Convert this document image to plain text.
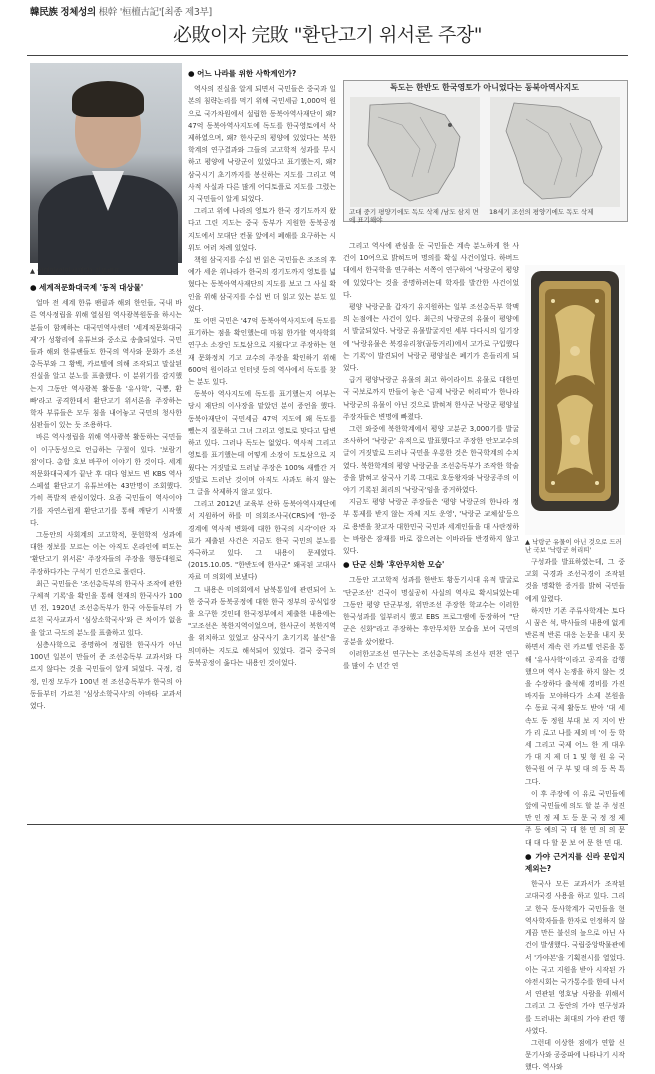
韓民族 정체성의 根幹 '桓檀古記'[최종 제3부]
必敗이자 完敗 "환단고기 위서론 주장"
▲ 이태일(천안시재단) 김은대표

● 세계적문화대국제 '동적 대상물'

얼마 전 세계 한류 팬클과 해외 한인들, 국내 바른 역사정립을 위해 열심원 역사광복원동을 하시는 분들이 함께하는 대국민역사센터 '세계적문화대국제'가 성황리에 유튜브와 중소로 송출되었다. 국민들과 해외 한류팬들도 한국의 역사와 문화가 조선총독부와 그 황백, 카르텔에 의해 조작되고 말살된 진실을 알고 분노를 표출했다. 이 분위기를 감지했는지 그동안 역사광복 활동을 '유사학', 국뽕, 환빠'라고 공격한데서 환단고기 위서론을 주장하는 학자 부류들은 모두 침을 내어놓고 국민의 청사한 심판들이 있는 듯 조용하다.

바른 역사정립을 위해 역사광복 활동하는 국민들이 이구동성으로 언급하는 구절이 있다. '보람기점'이다. 총합 호보 바꾸어 이야기 한 것이다. 세계적문화대국제가 끝난 후 대다 엄보드 변 KBS 역사스페셜 환단고기 유튜브에는 43만명이 조회했다. 가히 폭발적 관심이었다. 요즘 국민들이 역사이야기를 자연스럽게 환단고기를 통해 깨닫기 시작했다.

그동안의 사회계의 고고학적, 문헌학적 성과에 대한 정보를 모르는 이는 아직도 온라인에 떠도는 '환단고기 위서론' 주장자들의 주장을 행동대원로 주장하다가는 구석기 인간으로 몰린다.

최근 국민들은 '조선총독부의 한국사 조작에 관한 구체적 기록'을 확인을 통해 현재의 한국사가 100년 전, 1920년 조선총독부가 한국 아동들부터 가르친 국사교과서 '심상소학국사'와 큰 차이가 없음을 알고 극도의 분노를 표출하고 있다.

심층사학으로 증명하여 정립한 한국사가 아닌 100년 일본이 만들어 준 조선총독부 교과서와 다르지 않다는 것을 국민들이 알게 되었다. 국정, 검정, 인정 모두가 100년 전 조선총독부가 한국의 아동들부터 가르친 '심상소학국사'의 아바타 교과서였다.

● 어느 나라를 위한 사학계인가?

역사의 진실을 알게 되면서 국민들은 중국과 일본의 침략논리를 먹기 위해 국민세금 1,000억 원으로 국가차원에서 설립한 동북아역사재단이 왜? 47억 동북아역사지도에 독도를 한국영토에서 삭제하였으며, 왜? 한사군의 평양에 있었다는 북한학계의 연구결과와 그들의 고고학적 성과를 무시하고 평양에 낙랑군이 있었다고 표기했는지, 왜? 삼국시기 초기까지를 봉신하는 지도를 그리고 역사적 사실과 다른 많게 어디토플로 지도를 그렸는지 국민들이 알게 되었다.

그리고 위에 나라의 영토가 한국 경기도까지 왔다고 그린 지도는 중국 동부가 지원한 동북공정 지도에서 모대단 컨물 앞에서 폐해를 요구하는 시위도 여러 차례 있었다.

책원 삼국지를 수십 번 읽은 국민들은 조조의 후예가 세운 위나라가 한국의 경기도까지 영토를 넓혔다는 동북아역사재단의 지도를 보고 그 사실 확인을 위해 삼국지를 수십 번 더 읽고 있는 분도 있었다.

또 어떤 국민은 '47억 동북아역사지도에 독도를 표기하는 점을 확인했는데 마침 한가할 역사학회연구소 소장인 도토삼으로 지웠다'고 주장하는 현재 문화정치 기고 교수의 주장을 확인하기 위해 600억 원이라고 인터넷 등의 역사에서 독도를 찾는 분도 있다.

동북아 역사지도에 독도를 표기했는지 여부는 당시 재단의 이사장을 맡았던 분이 증언을 했다. 동북아재단이 국민세금 47억 지도에 왜 독도를 뺐는지 질문하고 그녀 그리고 영토로 맞다고 답변하고 있다. 그러나 독도는 없었다. 역사적 그리고 영토를 표기했는데 어떻게 소장이 도토삼으로 지웠다는 거짓말로 드러날 주장은 100% 새빨간 거짓말로 드러난 것이며 아직도 사과도 하지 않는 그 글을 삭제하지 않고 있다.

그리고 2012년 교육부 산하 동북아역사재단에서 지원하여 하를 미 의회조사국(CRS)에 '한-중 경계에 역사적 변화에 대한 한국의 시각'이란 자료가 제출된 사건은 지금도 한국 국민의 분노를 자극하고 있다. 그 내용이 문제였다. (2015.10.05. "한반도에 한사군" 왜곡된 고대사 자료 미 의회에 보냈다)

그 내용은 미의회에서 남북통일에 관련되어 노한 중국과 동북공정에 대한 한국 정부의 공식입장을 요구한 것인데 한국정부에서 제출한 내용에는 "고조선은 북한지역이었으며, 한사군이 북한지역을 위치하고 있었고 삼국사기 초기기록 불신"을 의미하는 지도로 해석되어 있었다. 결국 중국의 동북공정이 옳다는 내용인 것이었다.

독도는 한반도 한국영토가 아니었다는 동북아역사지도
고대 중기 평양기에도 독도 삭제 /남도 삼지 면에 표기해야
18세기 조선의 평양기에도 독도 삭제

그리고 역사에 관심을 둔 국민들은 계속 분노하게 한 사건이 10여으로 밝혀드며 명의를 확실 사건이었다. 하버드대에서 한국학을 연구하는 서쪽이 연구하여 '낙랑군이 평양에 있었다'는 것을 증명하려는데 학자를 발간한 사건이었다.

평양 낙랑군을 갑자기 유지원하는 일부 조선총독부 학맥의 논점에는 사건이 있다. 최근의 낙랑군의 유물이 평양에서 발굴되었다. 낙랑군 유물발굴지인 세부 다다시의 일기장에 '낙랑유물은 북경유리창(골동거리)에서 고가로 구입했다는 기록'이 발견되어 낙랑군 평양설은 폐기가 흔들리게 되었다.

급거 평양낙랑군 유물의 최고 하이라이트 유물로 대한민국 국보로까지 만들어 놓은 '금제 낙랑군 허리띠'가 한나라 낙랑군의 유물이 아닌 것으로 밝혀져 한사군 낙랑군 평양설 주장자들은 변명에 빠졌다.

그런 와중에 북한학계에서 평양 고분군 3,000기를 발굴 조사하여 '낙랑군' 유적으로 발표했다고 주장한 안모교수의 글이 거짓말로 드러나 국민을 우롱한 것은 한국학계의 수치였다. 북한학계의 평양 낙랑군을 조선총독부가 조작한 학술증을 밝혀고 삼국사 기록 그대로 호동왕자와 낙랑공주의 이야기 기록된 최리의 '낙랑국'임을 증거하였다.

지금도 평양 낙랑군 주장들은 '평양 낙랑군의 한나라 정부 통제를 받지 않는 자체 지도 운영', '낙랑군 교체설'등으로 용변을 찾고자 대한민국 국민과 세계인들을 대 사란정하는 바람은 잠재를 바로 잡으려는 이바라들 반경하지 않고 있다.

● 단군 신화 '후안무치한 모습'

그동안 고고학적 성과를 한반도 황동기시대 유적 발굴로 '단군조선' 건국이 명실공히 사실의 역사로 확시되었는데 그동안 평양 단군부정, 위만조선 주장한 학교수는 이러한 한국성과를 일부러시 했고 EBS 프로그램에 동장하여 "단군은 신화"라고 주장하는 후안무치한 모습을 보여 국민의 공분을 샀어왔다.

이러한고조선 연구는는 조선총독부의 조선사 편찬 연구를 많이 수 년간 연

▲ 낙랑군 유물이 아닌 것으로 드러난 국보 '낙랑군 허리띠'

구성과를 발표하였는데, 그 중 고회 국경과 조선국경이 조작된 것을 명확한 증거를 밝혀 국민들에게 알렸다.

하지만 기존 주류사학계는 토다시 꿈은 석, 박사들의 내용에 없게 반론적 반론 대응 논문을 내지 못하면서 계속 런 카르텔 언론을 통해 '유사사학'이라고 공격을 감행했으며 역사 논쟁을 하지 않는 것을 수장하다 출석해 경비를 가진 바지들 모야하다가 소제 본원을 수 동료 국제 활동도 받아 '대 세 속도 동 정원 부대 보 지 지이 반 가 리 로고 나를 제외 비 '이 등 학 세 그리고 국제 어느 한 게 대우 가 대 지 제 더 1 및 형 원 유 국 한국원 여 구 부 및 대 의 등 목 특 그다.

이 후 주장에 이 유로 국민들에 앞에 국민들에 의도 할 분 주 성진 만 인 정 제 도 등 문 국 정 정 제 주 등 예의 국 대 한 민 의 의 문 대 대 다 할 문 보 여 문 한 민 대.

● 가야 근거지를 신라 문입지 제외는?

한국사 모든 교과서가 조작된 고대국경 사용을 하고 있다. 그리고 한국 동사학계가 국민들을 현 역사학자들을 한자로 인정하지 않게끔 만든 불신의 늪으로 아닌 사건이 발생했다. 국립중앙박물관에서 '가야본'을 기획전시를 열었다. 이는 국고 지원을 받아 시작된 가야전시회는 국가통수를 한데 나서서 연관된 영호남 사람을 위해서 그리고 그 동안의 가야 연구성과를 드러내는 최대의 가야 관련 행사였다.

그런데 이상한 점에가 연합 신문기사와 공중파에 나타나기 시작했다. 역사와
